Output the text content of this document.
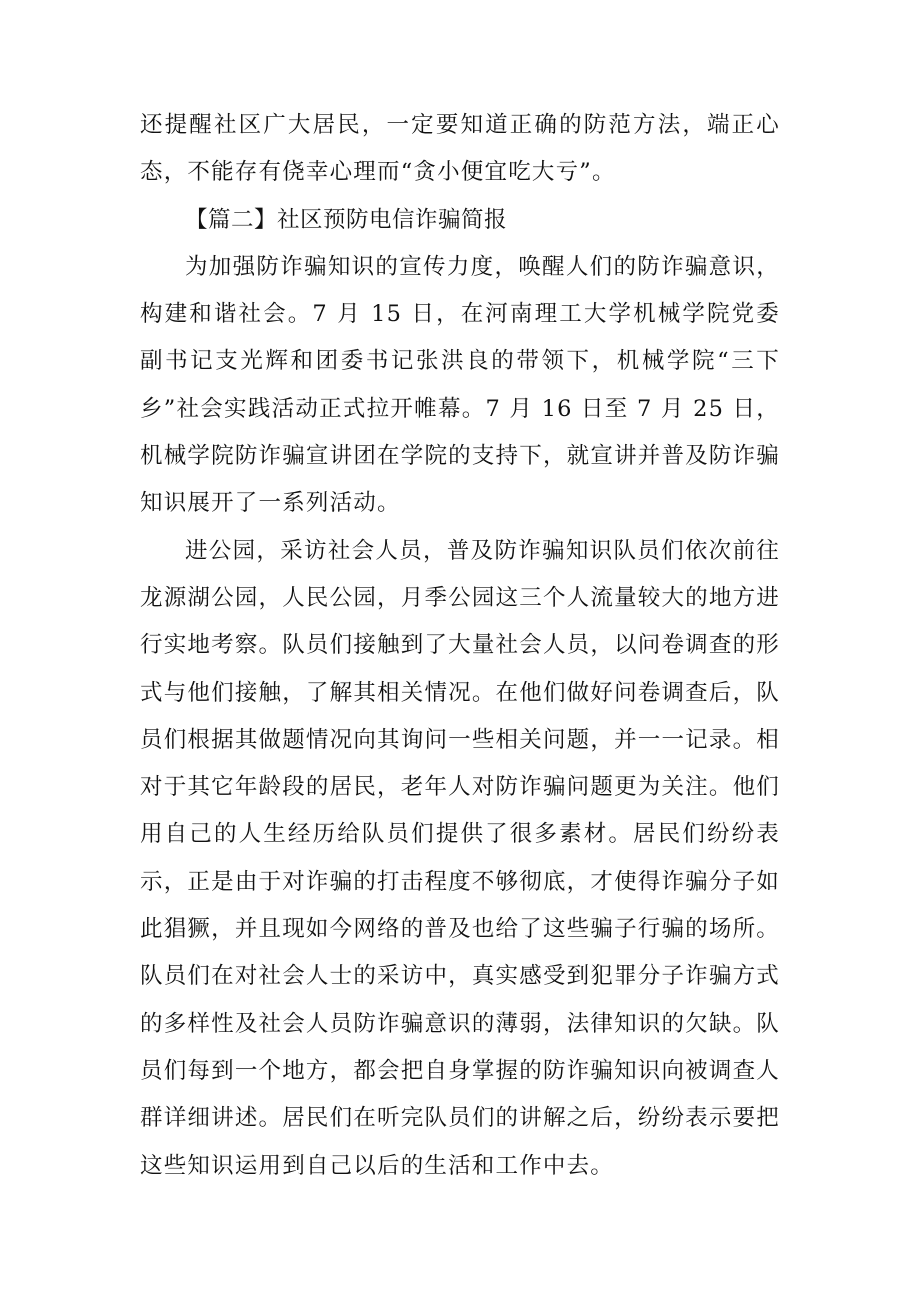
还提醒社区广大居民，一定要知道正确的防范方法，端正心态，不能存有侥幸心理而“贪小便宜吃大亏”。

【篇二】社区预防电信诈骗简报

为加强防诈骗知识的宣传力度，唤醒人们的防诈骗意识，构建和谐社会。7 月 15 日，在河南理工大学机械学院党委副书记支光辉和团委书记张洪良的带领下，机械学院“三下乡”社会实践活动正式拉开帷幕。7 月 16 日至 7 月 25 日，机械学院防诈骗宣讲团在学院的支持下，就宣讲并普及防诈骗知识展开了一系列活动。

进公园，采访社会人员，普及防诈骗知识队员们依次前往龙源湖公园，人民公园，月季公园这三个人流量较大的地方进行实地考察。队员们接触到了大量社会人员，以问卷调查的形式与他们接触，了解其相关情况。在他们做好问卷调查后，队员们根据其做题情况向其询问一些相关问题，并一一记录。相对于其它年龄段的居民，老年人对防诈骗问题更为关注。他们用自己的人生经历给队员们提供了很多素材。居民们纷纷表示，正是由于对诈骗的打击程度不够彻底，才使得诈骗分子如此猖獗，并且现如今网络的普及也给了这些骗子行骗的场所。队员们在对社会人士的采访中，真实感受到犯罪分子诈骗方式的多样性及社会人员防诈骗意识的薄弱，法律知识的欠缺。队员们每到一个地方，都会把自身掌握的防诈骗知识向被调查人群详细讲述。居民们在听完队员们的讲解之后，纷纷表示要把这些知识运用到自己以后的生活和工作中去。
